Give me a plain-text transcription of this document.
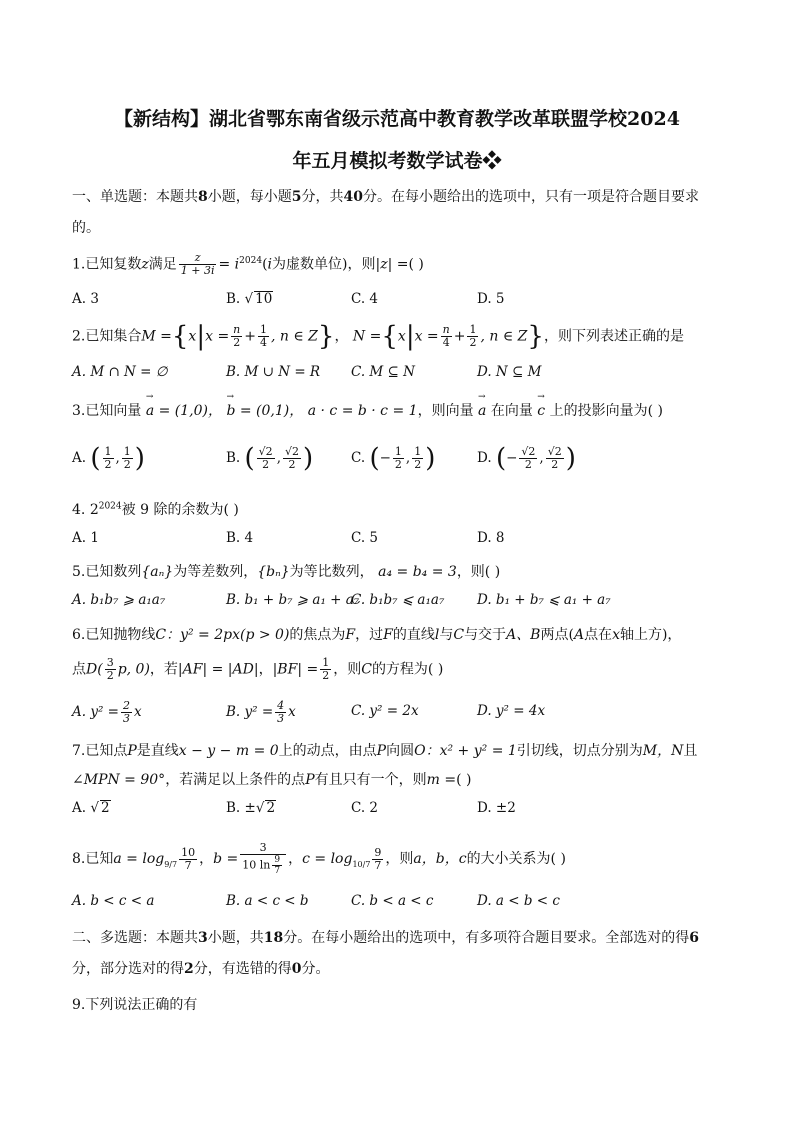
【新结构】湖北省鄂东南省级示范高中教育教学改革联盟学校2024
年五月模拟考数学试卷❖
一、单选题：本题共8小题，每小题5分，共40分。在每小题给出的选项中，只有一项是符合题目要求
的。
1.已知复数z满足 $\frac{z}{1 + 3i} = i^{2024}(i$为虚数单位)，则|z| =( )
A. 3	B. √ 10	C. 4	D. 5
2.已知集合$M =\{x|x = \frac{n}{2} + \frac{1}{4}$ , n ∈ Z}， $N =\{x|x = \frac{n}{4} + \frac{1}{2}$ , n ∈ Z}，则下列表述正确的是
A. M ∩ N = ∅	B. M ∪ N = R C. M ⊆ N	D. N ⊆ M
3.已知向量 → a = (1,0)， → b = (0,1)， a · c = b · c = 1，则向量 → a 在向量 → c 上的投影向量为( )
A. ( $\frac{1}{2}$ , $\frac{1}{2}$ )	B. ( $\frac{√2}{2}$ , $\frac{√2}{2}$ )	C. (− $\frac{1}{2}$ , $\frac{1}{2}$ )	D. (− $\frac{√2}{2}$ , $\frac{√2}{2}$ )
4. $2^{2024}$被 9 除的余数为( )
A. 1	B. 4	C. 5	D. 8
5.已知数列{aₙ}为等差数列，{bₙ}为等比数列， a₄ = b₄ = 3，则( )
A. b₁b₇ ⩾ a₁a₇	B. b₁ + b₇ ⩾ a₁ + a₇
C. b₁b₇ ⩽ a₁a₇ D. b₁ + b₇ ⩽ a₁ + a₇
6.已知抛物线C：y² = 2px(p > 0)的焦点为F，过F的直线l与C与交于A、B两点(A点在x轴上方)，
点$D( \frac{3}{2} p$, 0)，若|AF| = |AD|，$|BF| = \frac{1}{2}$ ，则C的方程为( )
A. $y^2 = \frac{2}{3}$ x	B. $y^2 = \frac{4}{3}$ x	C. y² = 2x	D. y² = 4x
7.已知点P是直线x − y − m = 0上的动点，由点P向圆O：x² + y² = 1引切线，切点分别为M，N且
∠MPN = 90°，若满足以上条件的点P有且只有一个，则m =( )
A. √ 2	B. ±√ 2	C. 2	D. ±2
8.已知$a = \log_{9/7} \frac{10}{7}$ ，$b = \frac{3}{10 \ln \frac{9}{7}}$ ，$c = \log_{10/7} \frac{9}{7}$ ，则a，b，c的大小关系为( )
A. b < c < a	B. a < c < b	C. b < a < c	D. a < b < c
二、多选题：本题共3小题，共18分。在每小题给出的选项中，有多项符合题目要求。全部选对的得6
分，部分选对的得2分，有选错的得0分。
9.下列说法正确的有
